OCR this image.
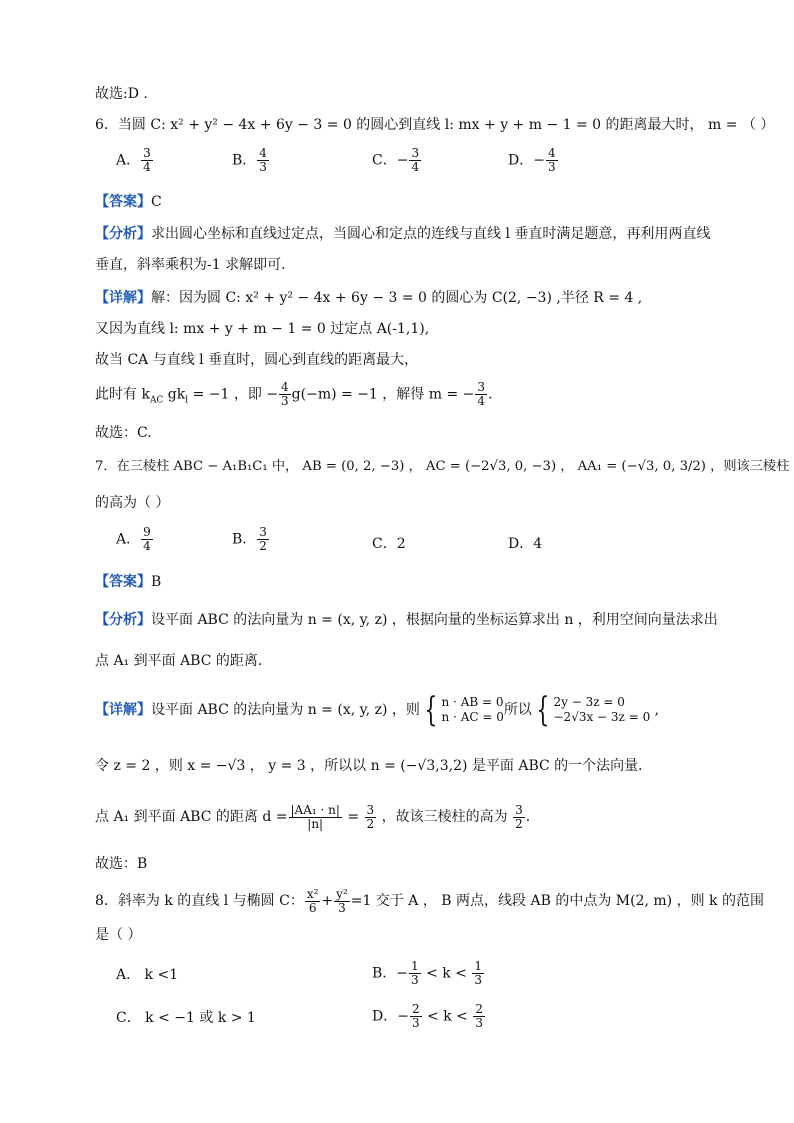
故选:D .
6．当圆 C: x² + y² − 4x + 6y − 3 = 0 的圆心到直线 l: mx + y + m − 1 = 0 的距离最大时， m = （ ）
A． $\frac{3}{4}$	B． $\frac{4}{3}$	C．− $\frac{3}{4}$	D．− $\frac{4}{3}$
【答案】C
【分析】求出圆心坐标和直线过定点，当圆心和定点的连线与直线 l 垂直时满足题意，再利用两直线
垂直，斜率乘积为-1 求解即可.
【详解】解：因为圆 C: x² + y² − 4x + 6y − 3 = 0 的圆心为 C(2, −3) ,半径 R = 4 ,
又因为直线 l: mx + y + m − 1 = 0 过定点 A(-1,1),
故当 CA 与直线 l 垂直时，圆心到直线的距离最大，
此时有 $k_{AC}$ $gk_l = -1$ ，即 − $\frac{4}{3} g(-m) = -1$ ，解得 m = − $\frac{3}{4}$ .
故选：C.
7．在三棱柱 ABC − A₁B₁C₁ 中， AB = (0, 2, −3) ， AC = (−2√3, 0, −3) ， AA₁ = (−√3, 0, 3/2) ，则该三棱柱
的高为（ ）
A． $\frac{9}{4}$	B． $\frac{3}{2}$	C．2	D．4
【答案】B
【分析】设平面 ABC 的法向量为 n = (x, y, z) ，根据向量的坐标运算求出 n ，利用空间向量法求出
点 A₁ 到平面 ABC 的距离.
【详解】设平面 ABC 的法向量为 n = (x, y, z) ，则 { n · AB = 0
n · AC = 0 所以 { 2y − 3z = 0
−2√3x − 3z = 0 ,
令 z = 2 ，则 x = −√3 ， y = 3 ，所以以 n = (−√3,3,2) 是平面 ABC 的一个法向量．
点 A₁ 到平面 ABC 的距离 $d = \frac{\text{|AA₁ · n|}}{|n|} = \frac{3}{2}$ ，故该三棱柱的高为 $\frac{3}{2}$ ．
故选：B
8．斜率为 k 的直线 l 与椭圆 C： $\frac{\text{x²}}{6} + \frac{\text{y²}}{3} =1$ 交于 A ， B 两点，线段 AB 的中点为 M(2, m) ，则 k 的范围
是（ ）
A． k <1	B．− $\frac{1}{3} < k < \frac{1}{3}$
C． k < −1 或 k > 1	D．− $\frac{2}{3} < k < \frac{2}{3}$
